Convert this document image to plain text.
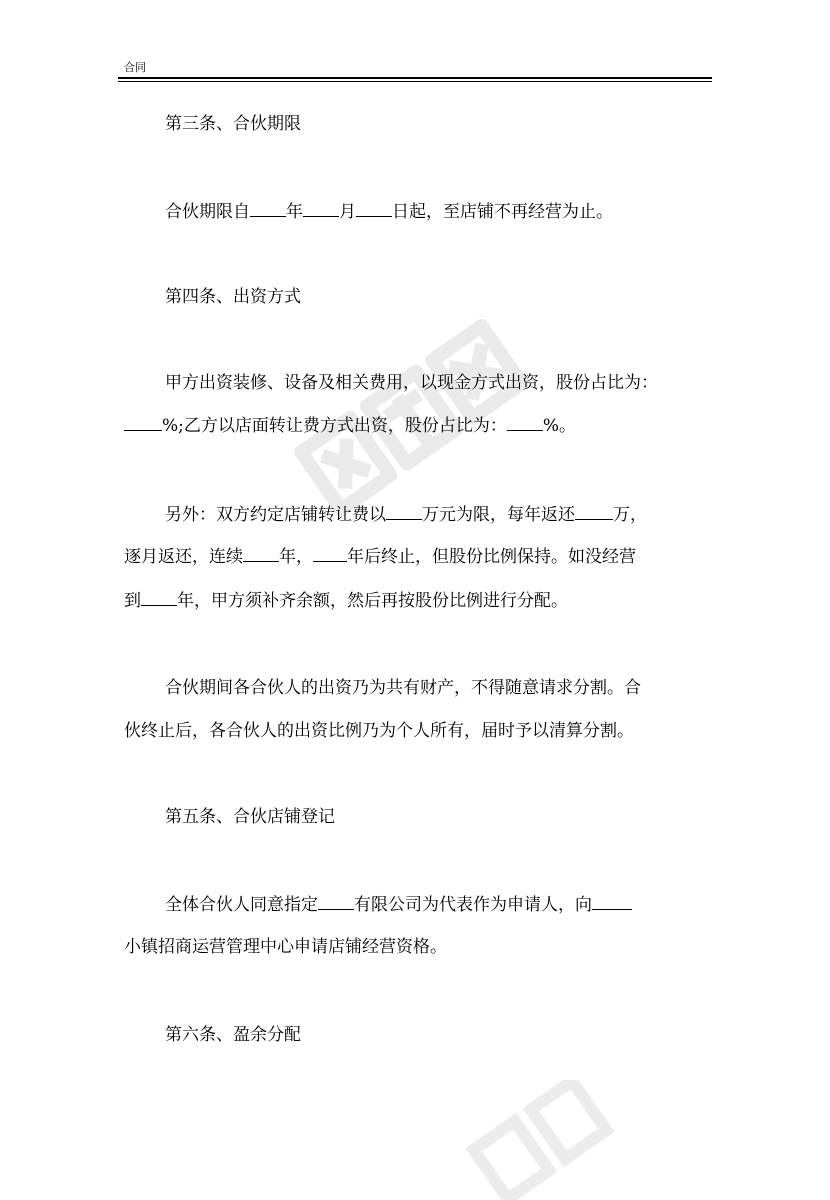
合同
第三条、合伙期限
合伙期限自 年 月 日起，至店铺不再经营为止。
第四条、出资方式
甲方出资装修、设备及相关费用，以现金方式出资，股份占比为：
%;乙方以店面转让费方式出资，股份占比为： %。
另外：双方约定店铺转让费以 万元为限，每年返还 万，
逐月返还，连续 年， 年后终止，但股份比例保持。如没经营
到 年，甲方须补齐余额，然后再按股份比例进行分配。
合伙期间各合伙人的出资乃为共有财产，不得随意请求分割。合
伙终止后，各合伙人的出资比例乃为个人所有，届时予以清算分割。
第五条、合伙店铺登记
全体合伙人同意指定 有限公司为代表作为申请人，向
小镇招商运营管理中心申请店铺经营资格。
第六条、盈余分配
